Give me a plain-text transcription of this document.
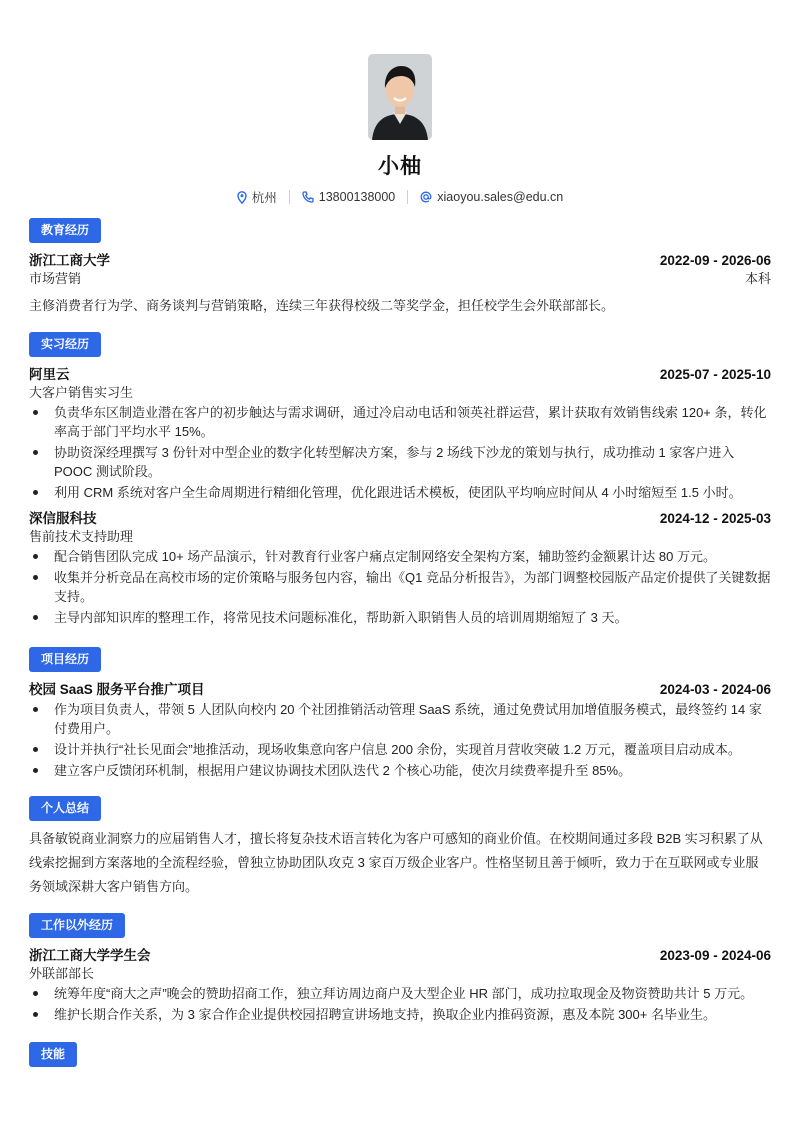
小柚
杭州	13800138000	xiaoyou.sales@edu.cn
教育经历
浙江工商大学	2022-09 - 2026-06
市场营销	本科
主修消费者行为学、商务谈判与营销策略，连续三年获得校级二等奖学金，担任校学生会外联部部长。
实习经历
阿里云	2025-07 - 2025-10
大客户销售实习生
负责华东区制造业潜在客户的初步触达与需求调研，通过冷启动电话和领英社群运营，累计获取有效销售线索 120+ 条，转化率高于部门平均水平 15%。
协助资深经理撰写 3 份针对中型企业的数字化转型解决方案，参与 2 场线下沙龙的策划与执行，成功推动 1 家客户进入 POOC 测试阶段。
利用 CRM 系统对客户全生命周期进行精细化管理，优化跟进话术模板，使团队平均响应时间从 4 小时缩短至 1.5 小时。
深信服科技	2024-12 - 2025-03
售前技术支持助理
配合销售团队完成 10+ 场产品演示，针对教育行业客户痛点定制网络安全架构方案，辅助签约金额累计达 80 万元。
收集并分析竞品在高校市场的定价策略与服务包内容，输出《Q1 竞品分析报告》，为部门调整校园版产品定价提供了关键数据支持。
主导内部知识库的整理工作，将常见技术问题标准化，帮助新入职销售人员的培训周期缩短了 3 天。
项目经历
校园 SaaS 服务平台推广项目	2024-03 - 2024-06
作为项目负责人，带领 5 人团队向校内 20 个社团推销活动管理 SaaS 系统，通过免费试用加增值服务模式，最终签约 14 家付费用户。
设计并执行“社长见面会”地推活动，现场收集意向客户信息 200 余份，实现首月营收突破 1.2 万元，覆盖项目启动成本。
建立客户反馈闭环机制，根据用户建议协调技术团队迭代 2 个核心功能，使次月续费率提升至 85%。
个人总结
具备敏锐商业洞察力的应届销售人才，擅长将复杂技术语言转化为客户可感知的商业价值。在校期间通过多段 B2B 实习积累了从线索挖掘到方案落地的全流程经验，曾独立协助团队攻克 3 家百万级企业客户。性格坚韧且善于倾听，致力于在互联网或专业服务领域深耕大客户销售方向。
工作以外经历
浙江工商大学学生会	2023-09 - 2024-06
外联部部长
统筹年度“商大之声”晚会的赞助招商工作，独立拜访周边商户及大型企业 HR 部门，成功拉取现金及物资赞助共计 5 万元。
维护长期合作关系，为 3 家合作企业提供校园招聘宣讲场地支持，换取企业内推码资源，惠及本院 300+ 名毕业生。
技能
